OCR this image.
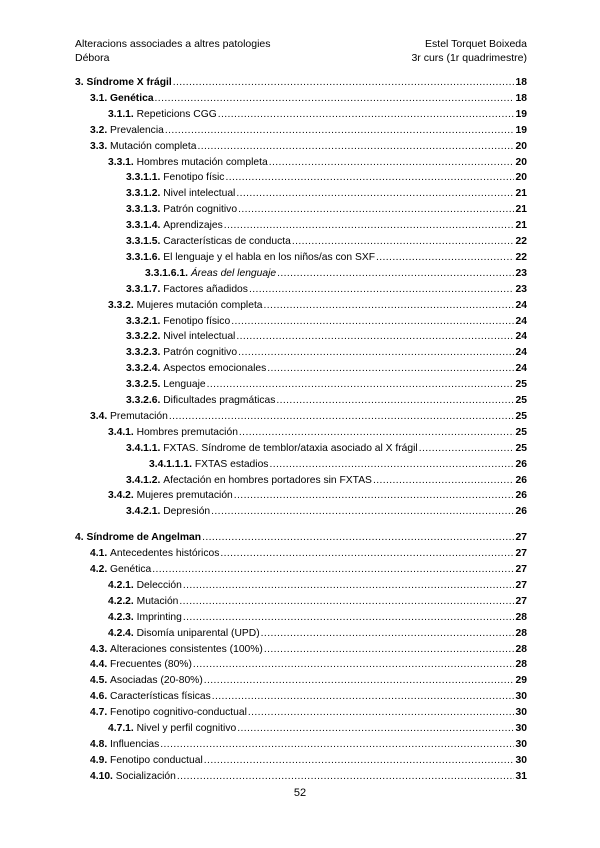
Alteracions associades a altres patologies
Débora
Estel Torquet Boixeda
3r curs (1r quadrimestre)
3. Síndrome X frágil .....	18
3.1. Genética .....	18
3.1.1. Repeticions CGG .....	19
3.2. Prevalencia .....	19
3.3. Mutación completa .....	20
3.3.1. Hombres mutación completa .....	20
3.3.1.1. Fenotipo físic .....	20
3.3.1.2. Nivel intelectual .....	21
3.3.1.3. Patrón cognitivo .....	21
3.3.1.4. Aprendizajes .....	21
3.3.1.5. Características de conducta .....	22
3.3.1.6. El lenguaje y el habla en los niños/as con SXF .....	22
3.3.1.6.1. Áreas del lenguaje .....	23
3.3.1.7. Factores añadidos .....	23
3.3.2. Mujeres mutación completa .....	24
3.3.2.1. Fenotipo físico .....	24
3.3.2.2. Nivel intelectual .....	24
3.3.2.3. Patrón cognitivo .....	24
3.3.2.4. Aspectos emocionales .....	24
3.3.2.5. Lenguaje .....	25
3.3.2.6. Dificultades pragmáticas .....	25
3.4. Premutación .....	25
3.4.1. Hombres premutación .....	25
3.4.1.1. FXTAS. Síndrome de temblor/ataxia asociado al X frágil .....	25
3.4.1.1.1. FXTAS estadios .....	26
3.4.1.2. Afectación en hombres portadores sin FXTAS .....	26
3.4.2. Mujeres premutación .....	26
3.4.2.1. Depresión .....	26
4. Síndrome de Angelman .....	27
4.1. Antecedentes históricos .....	27
4.2. Genética .....	27
4.2.1. Delección .....	27
4.2.2. Mutación .....	27
4.2.3. Imprinting .....	28
4.2.4. Disomía uniparental (UPD) .....	28
4.3. Alteraciones consistentes (100%) .....	28
4.4. Frecuentes (80%) .....	28
4.5. Asociadas (20-80%) .....	29
4.6. Características físicas .....	30
4.7. Fenotipo cognitivo-conductual .....	30
4.7.1. Nivel y perfil cognitivo .....	30
4.8. Influencias .....	30
4.9. Fenotipo conductual .....	30
4.10. Socialización .....	31
52
